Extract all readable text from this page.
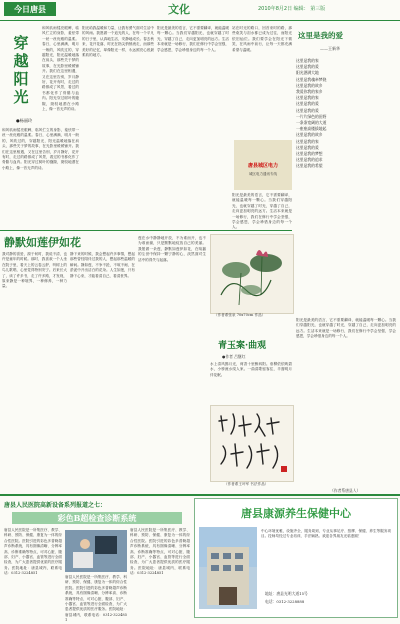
今日唐县	文化	2010年8月2日 编辑： 第三版
穿越阳光
●杨丽玲
和风软雨揉亮眼眸，临风伫立的身影，羞怯带一丝一丝优雅的温柔。春日，心里满满，明月一般的，风吹过的，穿越阳光，阳光温暖地落在肩头，那些关于梦的故事，在光影里缓缓铺开。我们在这里相遇，又在这里告别，岁月静好，花开有时，走过的路都成了风景，看过的书都化作了骨骼与血肉。阳光穿过树叶的缝隙，斑驳地洒在小路上，像一首无声的诗。
和风软雨揉亮眼眸，临风伫立的身影，羞怯带一丝一丝优雅的温柔。春日，心里满满，明月一般的，风吹过的，穿越阳光，阳光温暖地落在肩头，那些关于梦的故事，在光影里缓缓铺开。我们在这里相遇，又在这里告别，岁月静好，花开有时，走过的路都成了风景，看过的书都化作了骨骼与血肉。阳光穿过树叶的缝隙，斑驳地洒在小路上，像一首无声的诗。
阳光给我温暖和力量，让我有勇气面对生活中的风雨。我愿做一个追光的人，在每一个平凡的日子里，认真地生活，安静地成长。春去秋来，花开花落，时光在指尖悄悄流走，而那些美好的记忆，却像阳光一样，永远照亮心底最柔软的地方。
阳光是最美的语言，它不需要翻译，就能温暖每一颗心。当我们穿越阳光，也就穿越了时光，穿越了自己，走向更加明亮的远方。生活本来就是一场修行，我们在修行中学会坚强，学会感恩，学会珍惜身边的每一个人。
站在时光的路口，回首来时的路，那些欢笑与泪水都已成为过往，而阳光依旧灿烂。我们要学会在阳光下微笑，在风雨中前行，让每一天都充满希望与温暖。
唐县城区电力
城区电力通讯专线
阳光是最美的语言，它不需要翻译，就能温暖每一颗心。当我们穿越阳光，也就穿越了时光，穿越了自己，走向更加明亮的远方。生活本来就是一场修行，我们在修行中学会坚强，学会感恩，学会珍惜身边的每一个人。
这里是我的爱
——王新华
这里是我的家
这里是我的爱
阳光洒满大地
这里是我魂牵梦绕
这里是我的故乡
我爱你我的家乡
这里是我的家
这里是我的爱
这里是我的爱
一片片绿色的田野
一条条宽阔的大道
一座座高楼拔地起
这里是我的故乡
这里是我的家
这里是我的爱
这里是我的梦想
这里是我的追求
这里是我的希望
阳光是最美的语言，它不需要翻译，就能温暖每一颗心。当我们穿越阳光，也就穿越了时光，穿越了自己，走向更加明亮的远方。生活本来就是一场修行，我们在修行中学会坚强，学会感恩，学会珍惜身边的每一个人。
（作者系唐县人）
静默如莲伊如花
我对静的喜爱，源于何时，我说不清，也许是童年的时候。那时，我喜欢一个人坐在院子里，看天上的云卷云舒，听树上的鸟儿歌唱，心里觉得特别安宁。后来长大了，读了许多书，走了许多路，才发现，原来静是一种境界，一种修养，一种力量。
静下来的时候，我会想起许多事情，想起那些曾经陪伴过我的人，想起那些温暖的瞬间。静如莲，不争不抢，不喧不闹，在淤泥中开出洁白的花朵。人生如莲，只有静下心来，才能看清自己，看清世界。
莲在水中静静地开放，不为谁而开，也不为谁而谢，只是默默地绽放自己的美丽。我愿做一朵莲，静默如莲伊如花，在喧嚣的尘世中保持一颗宁静的心，淡然面对生活中的得失与起落。
（作者系张泉 70x70cm 作品）
青玉案·曲观
●作者 吕继红
水上清风拂月光，荷香十里醉斜阳。垂柳依依映碧水，小桥流水绕人家。一曲清歌留客住，半窗明月伴花眠。
（作者系王叶军 书法作品）
唐县人民医院高新设备系列报道之七：
彩色B超检查诊断系统
唐县人民医院是一所集医疗、教学、科研、预防、保健、康复为一体的综合性医院。医院引进的彩色多普勒超声诊断系统，具有图像清晰、分辨率高、诊断准确等特点，可对心脏、腹部、妇产、小器官、血管等进行全面检查，为广大患者提供优质的医疗服务。医院地址：唐县城内，联系电话：0312-3224851
唐县人民医院是一所集医疗、教学、科研、预防、保健、康复为一体的综合性医院。医院引进的彩色多普勒超声诊断系统，具有图像清晰、分辨率高、诊断准确等特点，可对心脏、腹部、妇产、小器官、血管等进行全面检查，为广大患者提供优质的医疗服务。医院地址：唐县城内，联系电话：0312-3224851
唐县人民医院是一所集医疗、教学、科研、预防、保健、康复为一体的综合性医院。医院引进的彩色多普勒超声诊断系统，具有图像清晰、分辨率高、诊断准确等特点，可对心脏、腹部、妇产、小器官、血管等进行全面检查，为广大患者提供优质的医疗服务。医院地址：唐县城内，联系电话：0312-3224851
唐县康源养生保健中心
中心环境优雅，设施齐全，服务周到，专业从事足疗、按摩、保健、养生等服务项目。技师均经过专业培训，手法娴熟。欢迎各界朋友光临惠顾！
地址：唐县光明大道15号
电话：0312-3228888
